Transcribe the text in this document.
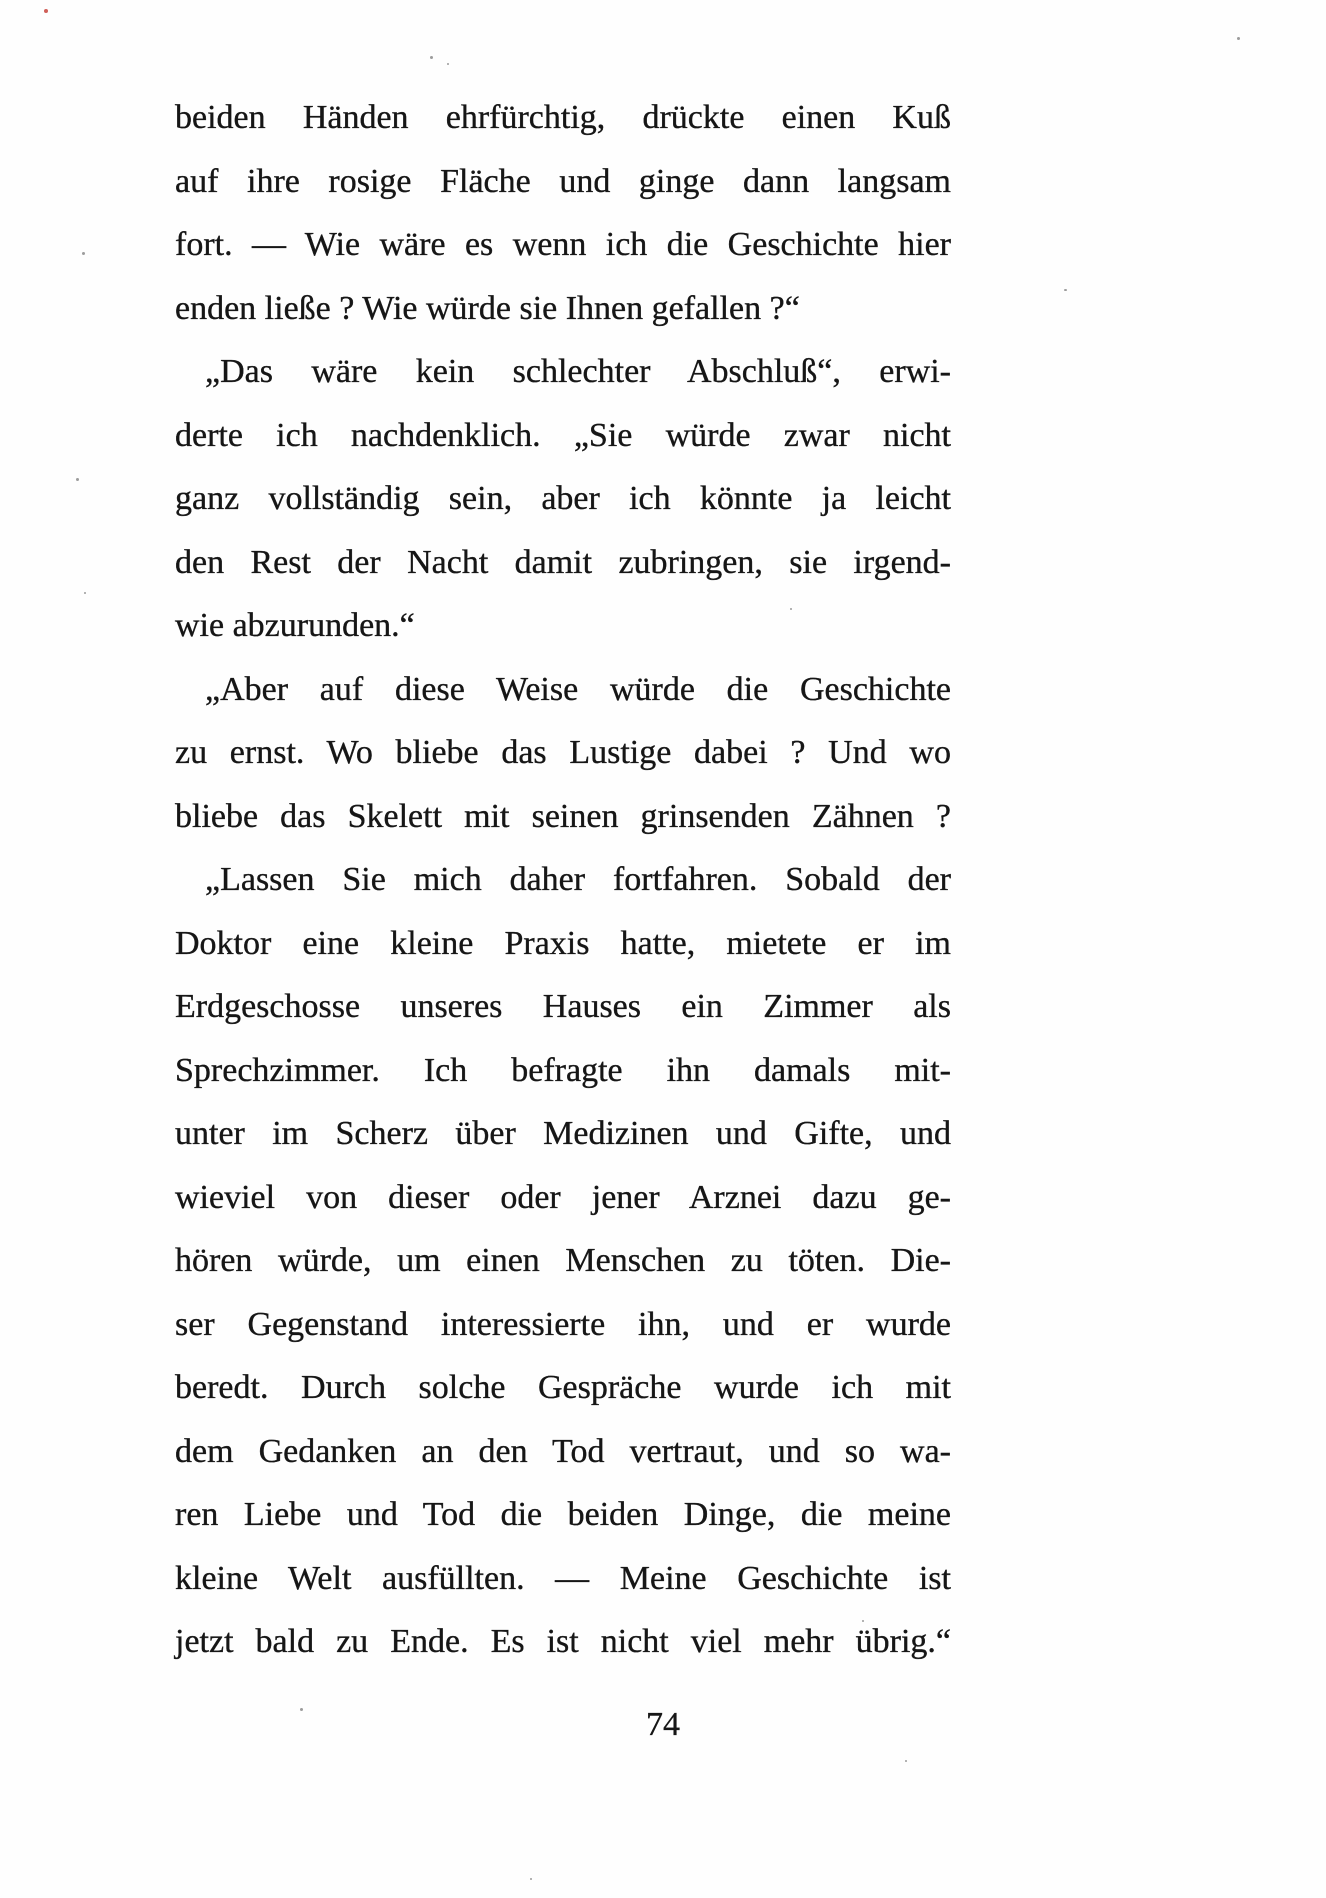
beiden Händen ehrfürchtig, drückte einen Kuß
auf ihre rosige Fläche und ginge dann langsam
fort. — Wie wäre es wenn ich die Geschichte hier
enden ließe ? Wie würde sie Ihnen gefallen ?“
„Das wäre kein schlechter Abschluß“, erwi-
derte ich nachdenklich. „Sie würde zwar nicht
ganz vollständig sein, aber ich könnte ja leicht
den Rest der Nacht damit zubringen, sie irgend-
wie abzurunden.“
„Aber auf diese Weise würde die Geschichte
zu ernst. Wo bliebe das Lustige dabei ? Und wo
bliebe das Skelett mit seinen grinsenden Zähnen ?
„Lassen Sie mich daher fortfahren. Sobald der
Doktor eine kleine Praxis hatte, mietete er im
Erdgeschosse unseres Hauses ein Zimmer als
Sprechzimmer. Ich befragte ihn damals mit-
unter im Scherz über Medizinen und Gifte, und
wieviel von dieser oder jener Arznei dazu ge-
hören würde, um einen Menschen zu töten. Die-
ser Gegenstand interessierte ihn, und er wurde
beredt. Durch solche Gespräche wurde ich mit
dem Gedanken an den Tod vertraut, und so wa-
ren Liebe und Tod die beiden Dinge, die meine
kleine Welt ausfüllten. — Meine Geschichte ist
jetzt bald zu Ende. Es ist nicht viel mehr übrig.“
74
